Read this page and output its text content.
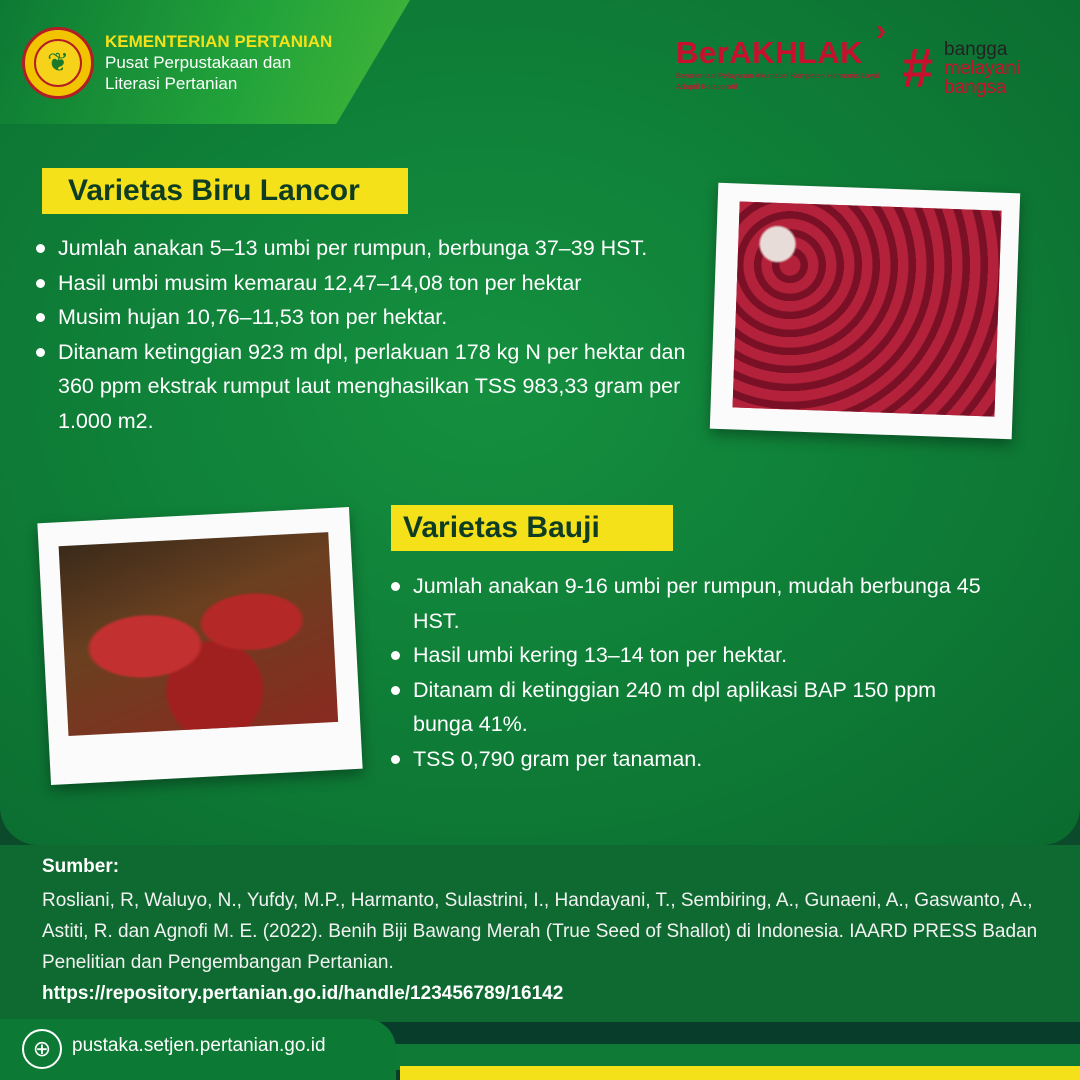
❦
KEMENTERIAN PERTANIAN
Pusat Perpustakaan dan
Literasi Pertanian
BerAKHLAK
›
Berorientasi Pelayanan Akuntabel Kompeten Harmonis Loyal Adaptif Kolaboratif	# bangga
melayani
bangsa
Varietas Biru Lancor
Jumlah anakan 5–13 umbi per rumpun, berbunga 37–39 HST.
Hasil umbi musim kemarau 12,47–14,08 ton per hektar
Musim hujan 10,76–11,53 ton per hektar.
Ditanam ketinggian 923 m dpl, perlakuan 178 kg N per hektar dan 360 ppm ekstrak rumput laut menghasilkan TSS 983,33 gram per 1.000 m2.
Varietas Bauji
Jumlah anakan 9-16 umbi per rumpun, mudah berbunga 45 HST.
Hasil umbi kering 13–14 ton per hektar.
Ditanam di ketinggian 240 m dpl aplikasi BAP 150 ppm bunga 41%.
TSS 0,790 gram per tanaman.
Sumber:
Rosliani, R, Waluyo, N., Yufdy, M.P., Harmanto, Sulastrini, I., Handayani, T., Sembiring, A., Gunaeni, A., Gaswanto, A., Astiti, R. dan Agnofi M. E. (2022). Benih Biji Bawang Merah (True Seed of Shallot) di Indonesia. IAARD PRESS Badan Penelitian dan Pengembangan Pertanian.
https://repository.pertanian.go.id/handle/123456789/16142
⊕	pustaka.setjen.pertanian.go.id
